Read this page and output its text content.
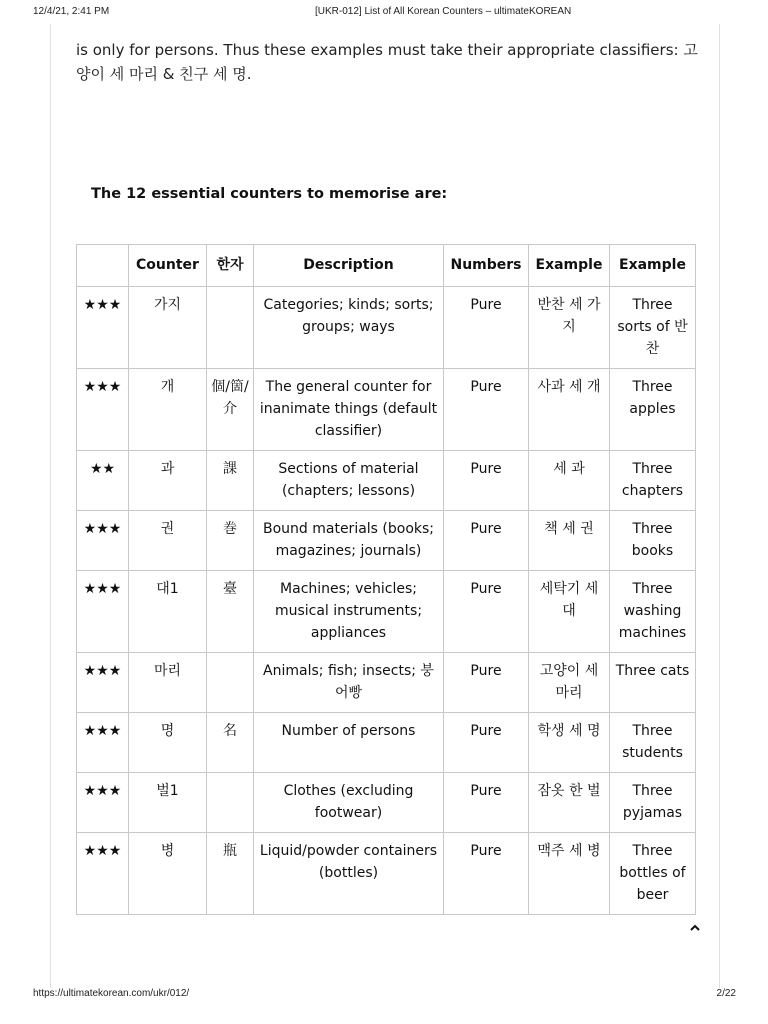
12/4/21, 2:41 PM	[UKR-012] List of All Korean Counters – ultimateKOREAN

is only for persons. Thus these examples must take their appropriate classifiers: 고양이 세 마리 & 친구 세 명.

The 12 essential counters to memorise are:
	Counter	한자	Description	Numbers	Example	Example
★★★	가지		Categories; kinds; sorts; groups; ways	Pure	반찬 세 가지	Three sorts of 반찬
★★★	개	個/箇/介	The general counter for inanimate things (default classifier)	Pure	사과 세 개	Three apples
★★	과	課	Sections of material (chapters; lessons)	Pure	세 과	Three chapters
★★★	권	巻	Bound materials (books; magazines; journals)	Pure	책 세 권	Three books
★★★	대1	臺	Machines; vehicles; musical instruments; appliances	Pure	세탁기 세 대	Three washing machines
★★★	마리		Animals; fish; insects; 붕어빵	Pure	고양이 세 마리	Three cats
★★★	명	名	Number of persons	Pure	학생 세 명	Three students
★★★	벌1		Clothes (excluding footwear)	Pure	잠옷 한 벌	Three pyjamas
★★★	병	瓶	Liquid/powder containers (bottles)	Pure	맥주 세 병	Three bottles of beer
https://ultimatekorean.com/ukr/012/	2/22
